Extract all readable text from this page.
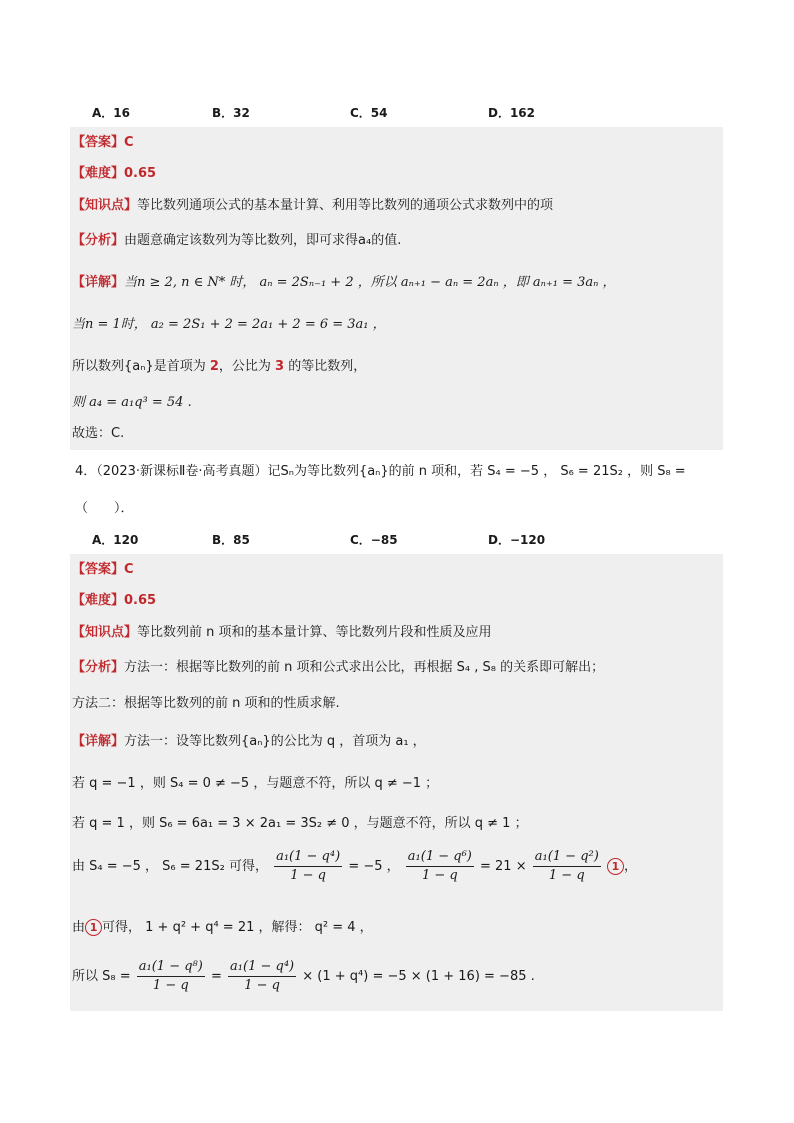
A．16	B．32	C．54	D．162
【答案】C
【难度】0.65
【知识点】等比数列通项公式的基本量计算、利用等比数列的通项公式求数列中的项
【分析】由题意确定该数列为等比数列，即可求得a₄的值.
【详解】当n ≥ 2, n ∈ N* 时， aₙ = 2Sₙ₋₁ + 2 ，所以 aₙ₊₁ − aₙ = 2aₙ ，即 aₙ₊₁ = 3aₙ ，
当n = 1时， a₂ = 2S₁ + 2 = 2a₁ + 2 = 6 = 3a₁ ，
所以数列{aₙ}是首项为 2，公比为 3 的等比数列，
则 a₄ = a₁q³ = 54 .
故选：C.
4．（2023·新课标Ⅱ卷·高考真题）记Sₙ为等比数列{aₙ}的前 n 项和，若 S₄ = −5 ， S₆ = 21S₂ ，则 S₈ =
（　　）．
A．120	B．85	C．−85	D．−120
【答案】C
【难度】0.65
【知识点】等比数列前 n 项和的基本量计算、等比数列片段和性质及应用
【分析】方法一：根据等比数列的前 n 项和公式求出公比，再根据 S₄ , S₈ 的关系即可解出；
方法二：根据等比数列的前 n 项和的性质求解.
【详解】方法一：设等比数列{aₙ}的公比为 q ，首项为 a₁ ，
若 q = −1 ，则 S₄ = 0 ≠ −5 ，与题意不符，所以 q ≠ −1 ；
若 q = 1 ，则 S₆ = 6a₁ = 3 × 2a₁ = 3S₂ ≠ 0 ，与题意不符，所以 q ≠ 1 ；
由 S₄ = −5 ， S₆ = 21S₂ 可得， $\frac{\text{a₁(1 − q⁴)}}{1 - q} = -5$ ， $\frac{\text{a₁(1 − q⁶)}}{1 - q} = 21 \times \frac{\text{a₁(1 − q²)}}{1 - q} 1$ ，
由 1 可得， 1 + q² + q⁴ = 21 ，解得： q² = 4 ，
所以 $S_8 = \frac{\text{a₁(1 − q⁸)}}{1 - q} = \frac{\text{a₁(1 − q⁴)}}{1 - q} \times (1 + q^4) = -5 \times (1 + 16) = -85$ .
